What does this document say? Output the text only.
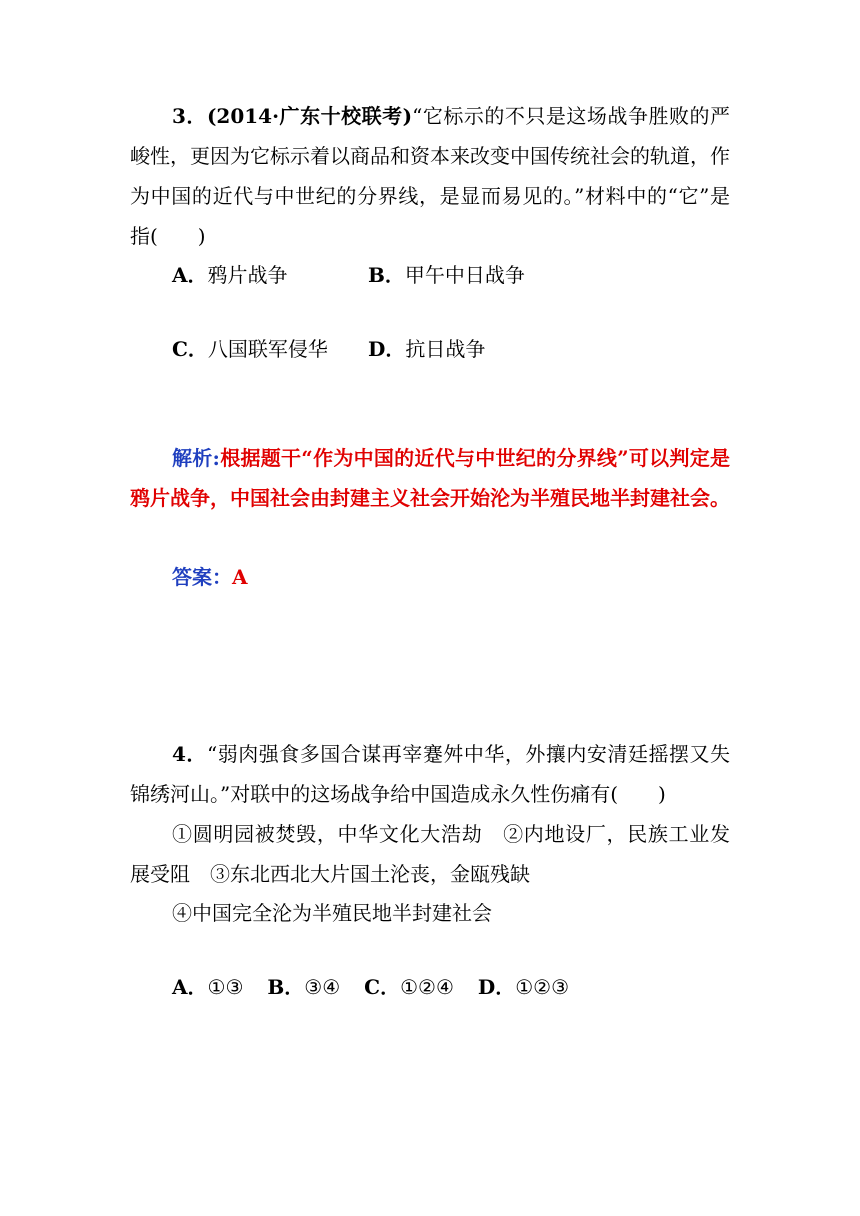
3．(2014·广东十校联考)“它标示的不只是这场战争胜败的严峻性，更因为它标示着以商品和资本来改变中国传统社会的轨道，作为中国的近代与中世纪的分界线，是显而易见的。”材料中的“它”是指(　　)
A．鸦片战争	B．甲午中日战争
C．八国联军侵华 D．抗日战争
解析:根据题干“作为中国的近代与中世纪的分界线”可以判定是鸦片战争，中国社会由封建主义社会开始沦为半殖民地半封建社会。
答案：A
4．“弱肉强食多国合谋再宰蹇舛中华，外攘内安清廷摇摆又失锦绣河山。”对联中的这场战争给中国造成永久性伤痛有(　　)
①圆明园被焚毁，中华文化大浩劫　②内地设厂，民族工业发展受阻　③东北西北大片国土沦丧，金瓯残缺
④中国完全沦为半殖民地半封建社会
A．①③ B．③④ C．①②④ D．①②③
